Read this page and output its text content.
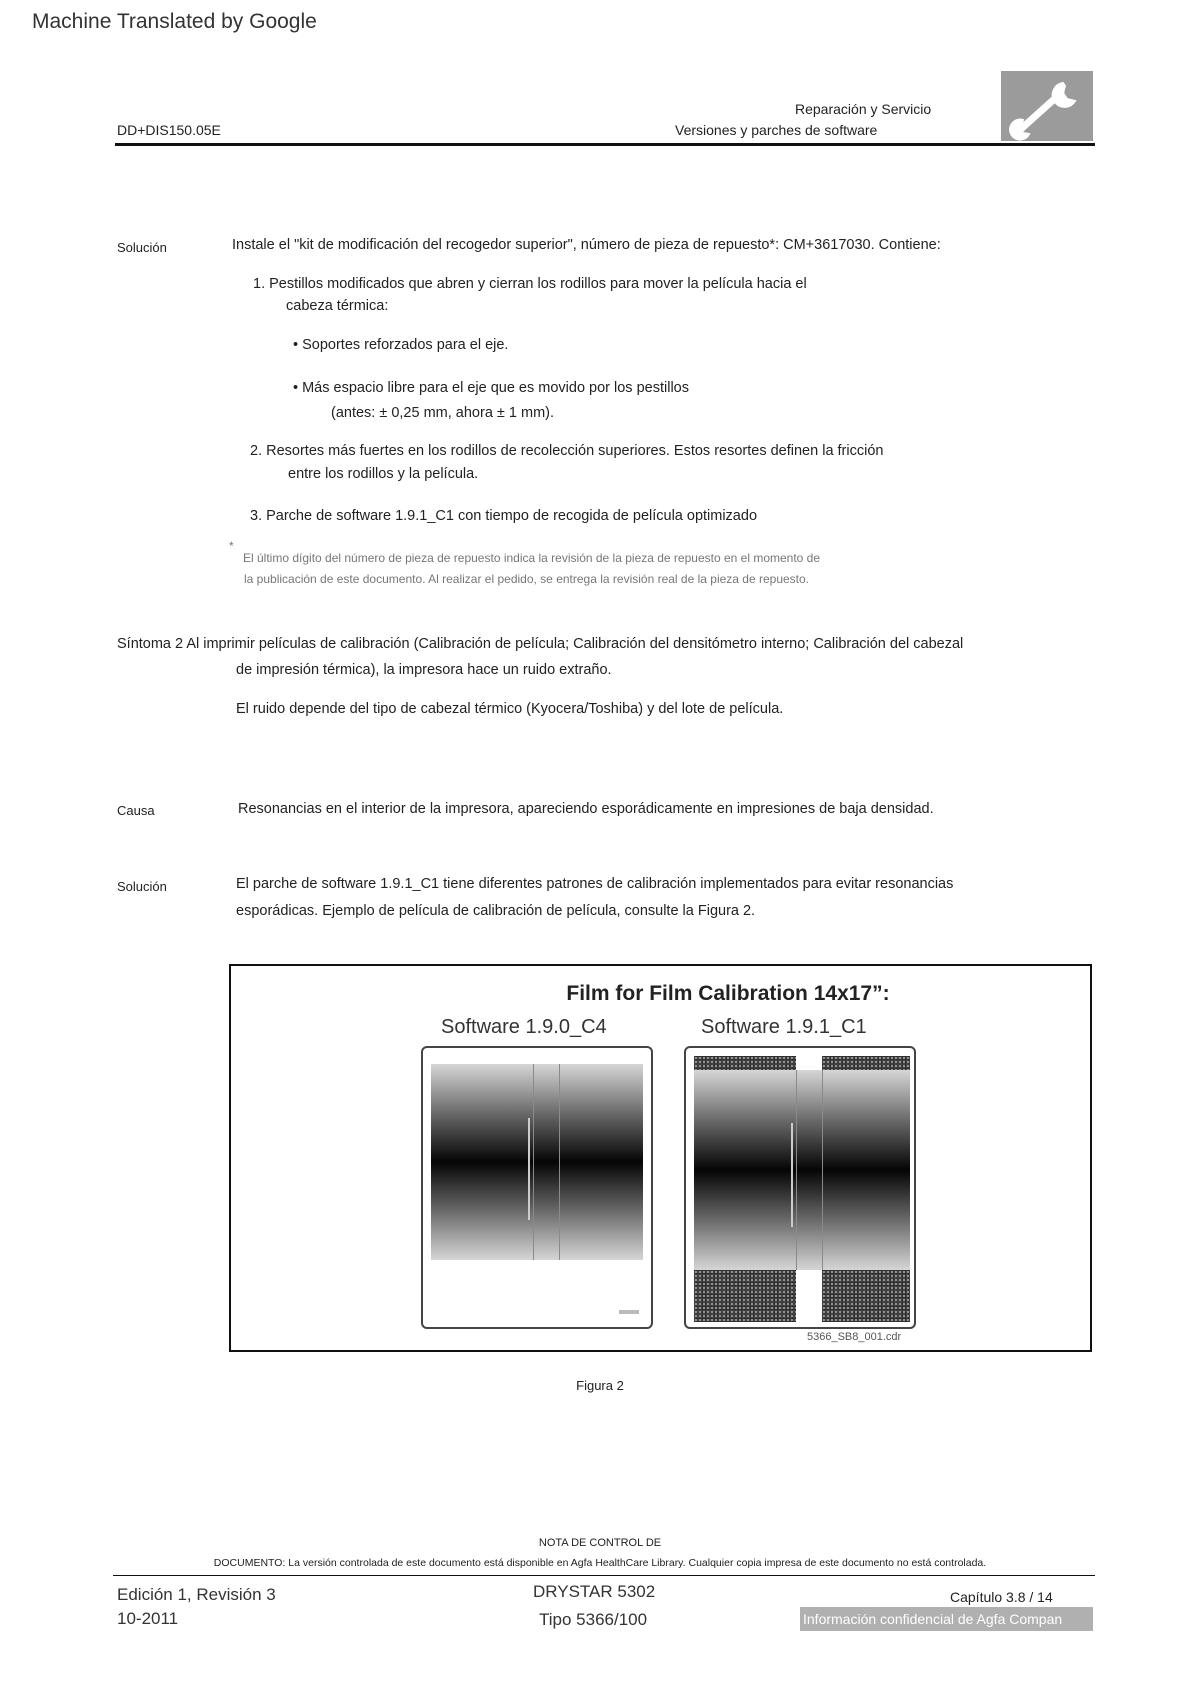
Machine Translated by Google
DD+DIS150.05E
Reparación y Servicio
Versiones y parches de software
Solución	Instale el "kit de modificación del recogedor superior", número de pieza de repuesto*: CM+3617030. Contiene:
1. Pestillos modificados que abren y cierran los rodillos para mover la película hacia el
cabeza térmica:
• Soportes reforzados para el eje.
• Más espacio libre para el eje que es movido por los pestillos
(antes: ± 0,25 mm, ahora ± 1 mm).
2. Resortes más fuertes en los rodillos de recolección superiores. Estos resortes definen la fricción
entre los rodillos y la película.
3. Parche de software 1.9.1_C1 con tiempo de recogida de película optimizado
*
El último dígito del número de pieza de repuesto indica la revisión de la pieza de repuesto en el momento de
la publicación de este documento. Al realizar el pedido, se entrega la revisión real de la pieza de repuesto.
Síntoma 2 Al imprimir películas de calibración (Calibración de película; Calibración del densitómetro interno; Calibración del cabezal
de impresión térmica), la impresora hace un ruido extraño.
El ruido depende del tipo de cabezal térmico (Kyocera/Toshiba) y del lote de película.
Causa	Resonancias en el interior de la impresora, apareciendo esporádicamente en impresiones de baja densidad.
Solución	El parche de software 1.9.1_C1 tiene diferentes patrones de calibración implementados para evitar resonancias
esporádicas. Ejemplo de película de calibración de película, consulte la Figura 2.
Film for Film Calibration 14x17”:
Software 1.9.0_C4	Software 1.9.1_C1
5366_SB8_001.cdr
Figura 2
NOTA DE CONTROL DE
DOCUMENTO: La versión controlada de este documento está disponible en Agfa HealthCare Library. Cualquier copia impresa de este documento no está controlada.
Edición 1, Revisión 3
10-2011
DRYSTAR 5302
Tipo 5366/100
Capítulo 3.8 / 14
Información confidencial de Agfa Compan
